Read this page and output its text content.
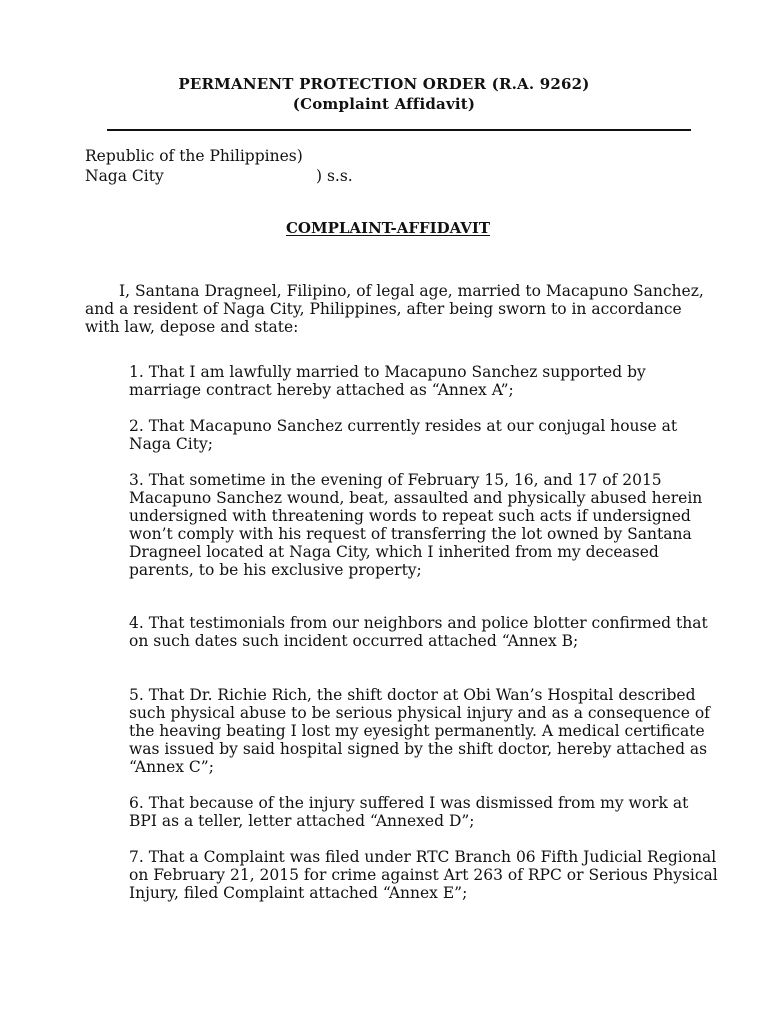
PERMANENT PROTECTION ORDER (R.A. 9262)
(Complaint Affidavit)
Republic of the Philippines)
Naga City	) s.s.
COMPLAINT-AFFIDAVIT

I, Santana Dragneel, Filipino, of legal age, married to Macapuno Sanchez, and a resident of Naga City, Philippines, after being sworn to in accordance with law, depose and state:

1. That I am lawfully married to Macapuno Sanchez supported by marriage contract hereby attached as “Annex A”;

2. That Macapuno Sanchez currently resides at our conjugal house at Naga City;

3. That sometime in the evening of February 15, 16, and 17 of 2015 Macapuno Sanchez wound, beat, assaulted and physically abused herein undersigned with threatening words to repeat such acts if undersigned won’t comply with his request of transferring the lot owned by Santana Dragneel located at Naga City, which I inherited from my deceased parents, to be his exclusive property;

4. That testimonials from our neighbors and police blotter confirmed that on such dates such incident occurred attached “Annex B;

5. That Dr. Richie Rich, the shift doctor at Obi Wan’s Hospital described such physical abuse to be serious physical injury and as a consequence of the heaving beating I lost my eyesight permanently. A medical certificate was issued by said hospital signed by the shift doctor, hereby attached as “Annex C”;

6. That because of the injury suffered I was dismissed from my work at BPI as a teller, letter attached “Annexed D”;

7. That a Complaint was filed under RTC Branch 06 Fifth Judicial Regional on February 21, 2015 for crime against Art 263 of RPC or Serious Physical Injury, filed Complaint attached “Annex E”;
